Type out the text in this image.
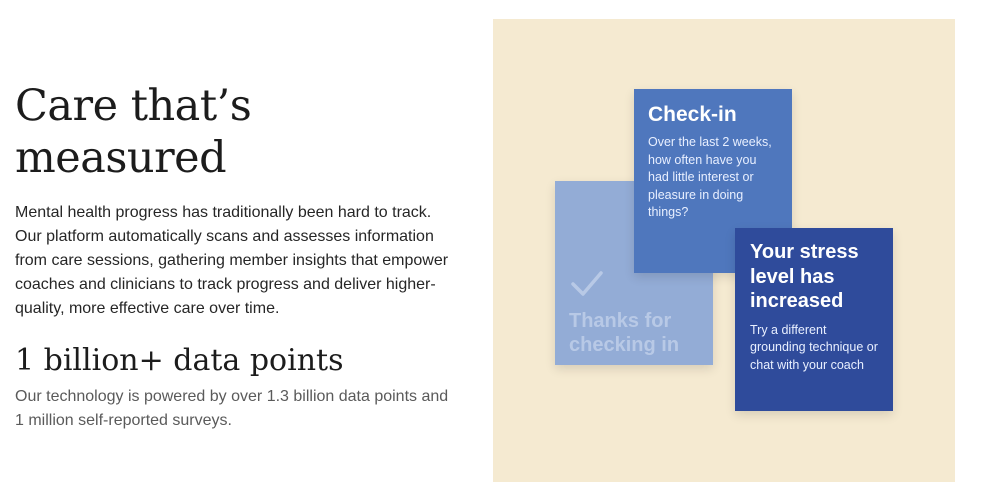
Care that’s measured

Mental health progress has traditionally been hard to track. Our platform automatically scans and assesses information from care sessions, gathering member insights that empower coaches and clinicians to track progress and deliver higher-quality, more effective care over time.

1 billion+ data points

Our technology is powered by over 1.3 billion data points and 1 million self-reported surveys.

Thanks for checking in
Check-in
Over the last 2 weeks, how often have you had little interest or pleasure in doing things?
Your stress level has increased
Try a different grounding technique or chat with your coach
